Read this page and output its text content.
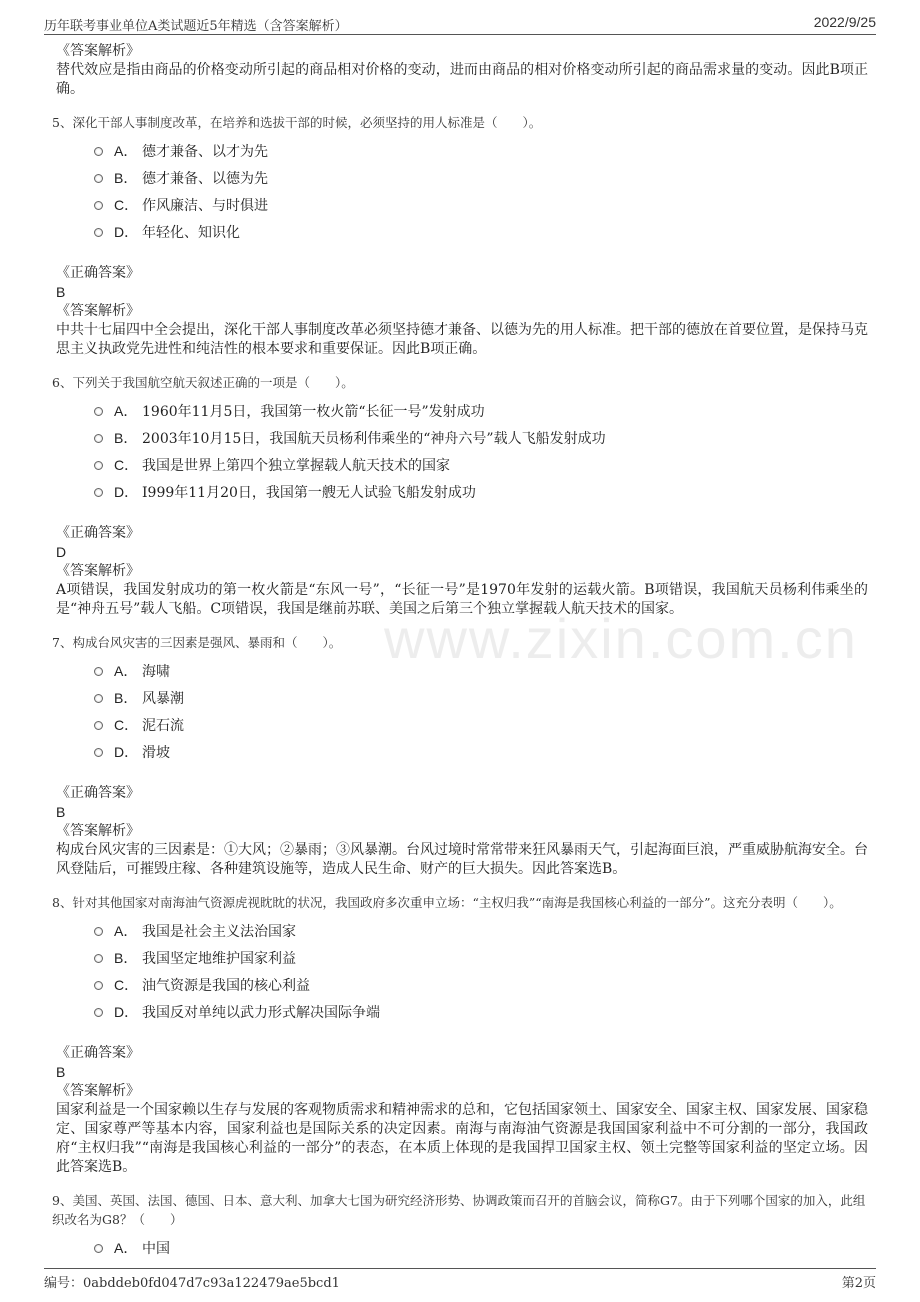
历年联考事业单位A类试题近5年精选（含答案解析）	2022/9/25
www.zixin.com.cn
《答案解析》
替代效应是指由商品的价格变动所引起的商品相对价格的变动，进而由商品的相对价格变动所引起的商品需求量的变动。因此B项正确。
5、深化干部人事制度改革，在培养和选拔干部的时候，必须坚持的用人标准是（　　）。
A． 德才兼备、以才为先
B． 德才兼备、以德为先
C． 作风廉洁、与时俱进
D． 年轻化、知识化
《正确答案》
B
《答案解析》
中共十七届四中全会提出，深化干部人事制度改革必须坚持德才兼备、以德为先的用人标准。把干部的德放在首要位置，是保持马克思主义执政党先进性和纯洁性的根本要求和重要保证。因此B项正确。
6、下列关于我国航空航天叙述正确的一项是（　　）。
A． 1960年11月5日，我国第一枚火箭“长征一号”发射成功
B． 2003年10月15日，我国航天员杨利伟乘坐的“神舟六号”载人飞船发射成功
C． 我国是世界上第四个独立掌握载人航天技术的国家
D． I999年11月20日，我国第一艘无人试验飞船发射成功
《正确答案》
D
《答案解析》
A项错误，我国发射成功的第一枚火箭是“东风一号”，“长征一号”是1970年发射的运载火箭。B项错误，我国航天员杨利伟乘坐的是“神舟五号”载人飞船。C项错误，我国是继前苏联、美国之后第三个独立掌握载人航天技术的国家。
7、构成台风灾害的三因素是强风、暴雨和（　　）。
A． 海啸
B． 风暴潮
C． 泥石流
D． 滑坡
《正确答案》
B
《答案解析》
构成台风灾害的三因素是：①大风；②暴雨；③风暴潮。台风过境时常常带来狂风暴雨天气，引起海面巨浪，严重威胁航海安全。台风登陆后，可摧毁庄稼、各种建筑设施等，造成人民生命、财产的巨大损失。因此答案选B。
8、针对其他国家对南海油气资源虎视眈眈的状况，我国政府多次重申立场：“主权归我”“南海是我国核心利益的一部分”。这充分表明（　　）。
A． 我国是社会主义法治国家
B． 我国坚定地维护国家利益
C． 油气资源是我国的核心利益
D． 我国反对单纯以武力形式解决国际争端
《正确答案》
B
《答案解析》
国家利益是一个国家赖以生存与发展的客观物质需求和精神需求的总和，它包括国家领土、国家安全、国家主权、国家发展、国家稳定、国家尊严等基本内容，国家利益也是国际关系的决定因素。南海与南海油气资源是我国国家利益中不可分割的一部分，我国政府“主权归我”“南海是我国核心利益的一部分”的表态，在本质上体现的是我国捍卫国家主权、领土完整等国家利益的坚定立场。因此答案选B。
9、美国、英国、法国、德国、日本、意大利、加拿大七国为研究经济形势、协调政策而召开的首脑会议，简称G7。由于下列哪个国家的加入，此组织改名为G8？（　　）
A． 中国
编号：0abddeb0fd047d7c93a122479ae5bcd1	第2页
